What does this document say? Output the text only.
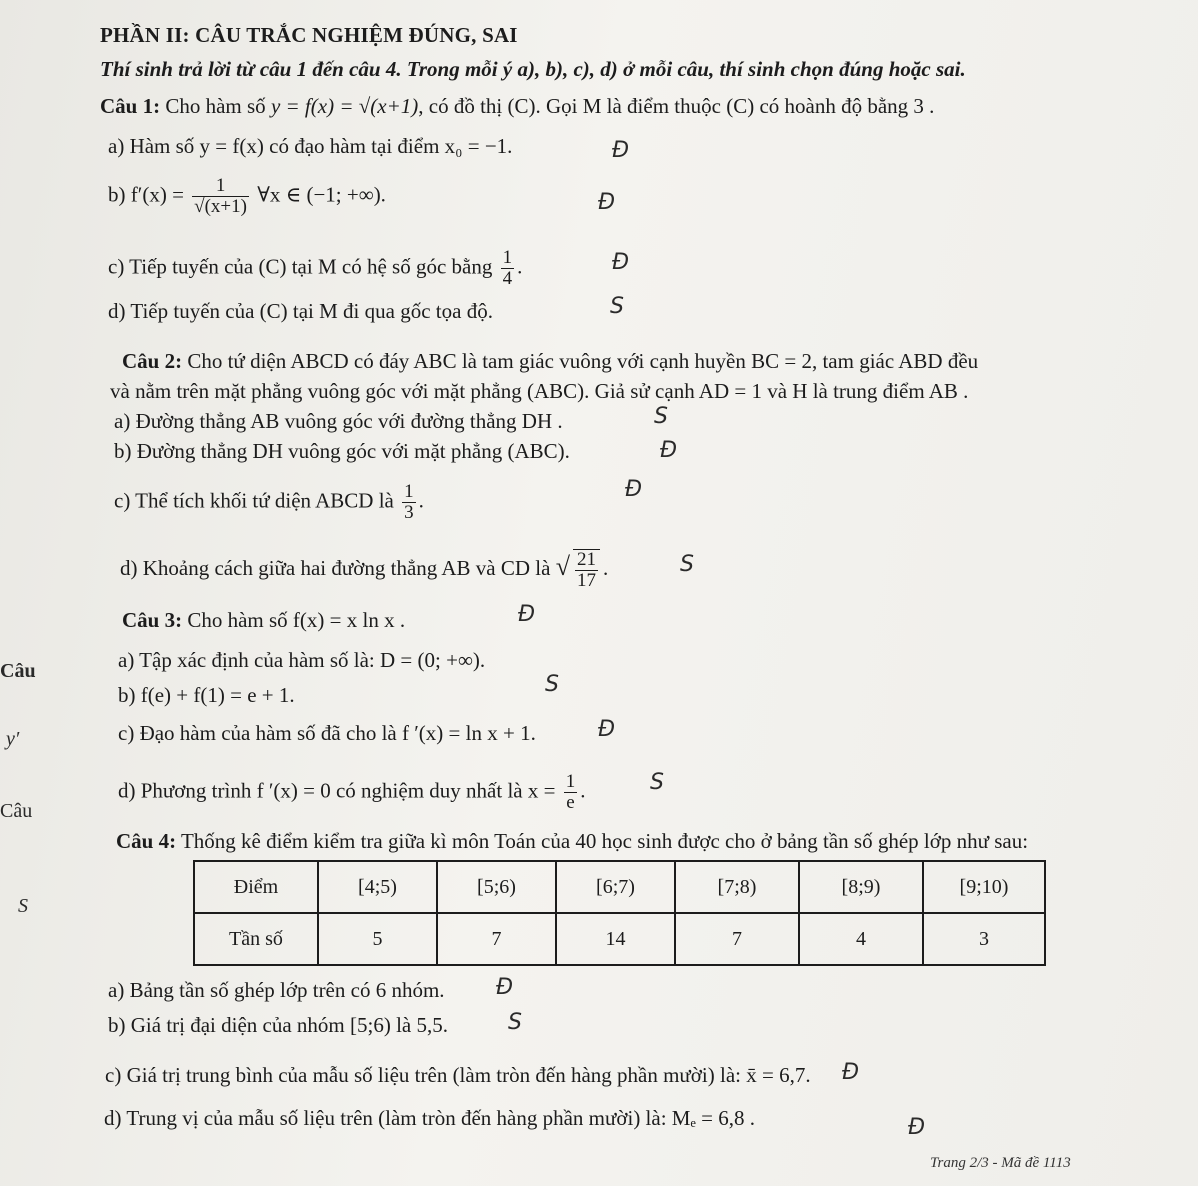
PHẦN II: CÂU TRẮC NGHIỆM ĐÚNG, SAI
Thí sinh trả lời từ câu 1 đến câu 4. Trong mỗi ý a), b), c), d) ở mỗi câu, thí sinh chọn đúng hoặc sai.
Câu 1: Cho hàm số y = f(x) = √(x+1), có đồ thị (C). Gọi M là điểm thuộc (C) có hoành độ bằng 3 .
a) Hàm số y = f(x) có đạo hàm tại điểm x₀ = −1.
b) $f'(x) = \frac{1}{√(x+1)}$ ∀x ∈ (−1; +∞).
c) Tiếp tuyến của (C) tại M có hệ số góc bằng $\frac{1}{4}$ .
d) Tiếp tuyến của (C) tại M đi qua gốc tọa độ.
Câu 2: Cho tứ diện ABCD có đáy ABC là tam giác vuông với cạnh huyền BC = 2, tam giác ABD đều
và nằm trên mặt phẳng vuông góc với mặt phẳng (ABC). Giả sử cạnh AD = 1 và H là trung điểm AB .
a) Đường thẳng AB vuông góc với đường thẳng DH .
b) Đường thẳng DH vuông góc với mặt phẳng (ABC).
c) Thể tích khối tứ diện ABCD là $\frac{1}{3}$ .
d) Khoảng cách giữa hai đường thẳng AB và CD là √ $\frac{21}{17}$ .
Câu 3: Cho hàm số f(x) = x ln x .
a) Tập xác định của hàm số là: D = (0; +∞).
b) f(e) + f(1) = e + 1.
c) Đạo hàm của hàm số đã cho là f ′(x) = ln x + 1.
d) Phương trình f ′(x) = 0 có nghiệm duy nhất là $x = \frac{1}{e}$ .
Câu 4: Thống kê điểm kiểm tra giữa kì môn Toán của 40 học sinh được cho ở bảng tần số ghép lớp như sau:
Điểm	[4;5)	[5;6)	[6;7)	[7;8)	[8;9)	[9;10)
Tần số	5	7	14	7	4	3
a) Bảng tần số ghép lớp trên có 6 nhóm.
b) Giá trị đại diện của nhóm [5;6) là 5,5.
c) Giá trị trung bình của mẫu số liệu trên (làm tròn đến hàng phần mười) là: x̄ = 6,7.
d) Trung vị của mẫu số liệu trên (làm tròn đến hàng phần mười) là: Mₑ = 6,8 .
Đ
Đ
Đ
S
S
Đ
Đ
S
Đ
S
Đ
S
Đ
S
Đ
Đ
Câu
y′
Câu
S
Trang 2/3 - Mã đề 1113
